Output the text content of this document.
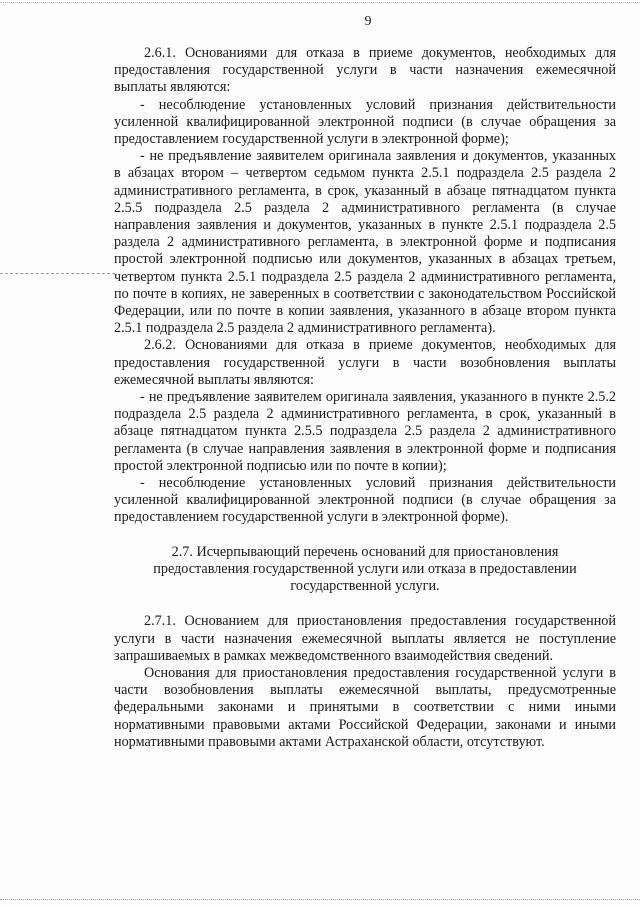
9

2.6.1. Основаниями для отказа в приеме документов, необходимых для предоставления государственной услуги в части назначения ежемесячной выплаты являются:

- несоблюдение установленных условий признания действительности усиленной квалифицированной электронной подписи (в случае обращения за предоставлением государственной услуги в электронной форме);

- не предъявление заявителем оригинала заявления и документов, указанных в абзацах втором – четвертом седьмом пункта 2.5.1 подраздела 2.5 раздела 2 административного регламента, в срок, указанный в абзаце пятнадцатом пункта 2.5.5 подраздела 2.5 раздела 2 административного регламента (в случае направления заявления и документов, указанных в пункте 2.5.1 подраздела 2.5 раздела 2 административного регламента, в электронной форме и подписания простой электронной подписью или документов, указанных в абзацах третьем, четвертом пункта 2.5.1 подраздела 2.5 раздела 2 административного регламента, по почте в копиях, не заверенных в соответствии с законодательством Российской Федерации, или по почте в копии заявления, указанного в абзаце втором пункта 2.5.1 подраздела 2.5 раздела 2 административного регламента).

2.6.2. Основаниями для отказа в приеме документов, необходимых для предоставления государственной услуги в части возобновления выплаты ежемесячной выплаты являются:

- не предъявление заявителем оригинала заявления, указанного в пункте 2.5.2 подраздела 2.5 раздела 2 административного регламента, в срок, указанный в абзаце пятнадцатом пункта 2.5.5 подраздела 2.5 раздела 2 административного регламента (в случае направления заявления в электронной форме и подписания простой электронной подписью или по почте в копии);

- несоблюдение установленных условий признания действительности усиленной квалифицированной электронной подписи (в случае обращения за предоставлением государственной услуги в электронной форме).

2.7. Исчерпывающий перечень оснований для приостановления предоставления государственной услуги или отказа в предоставлении государственной услуги.

2.7.1. Основанием для приостановления предоставления государственной услуги в части назначения ежемесячной выплаты является не поступление запрашиваемых в рамках межведомственного взаимодействия сведений.

Основания для приостановления предоставления государственной услуги в части возобновления выплаты ежемесячной выплаты, предусмотренные федеральными законами и принятыми в соответствии с ними иными нормативными правовыми актами Российской Федерации, законами и иными нормативными правовыми актами Астраханской области, отсутствуют.
